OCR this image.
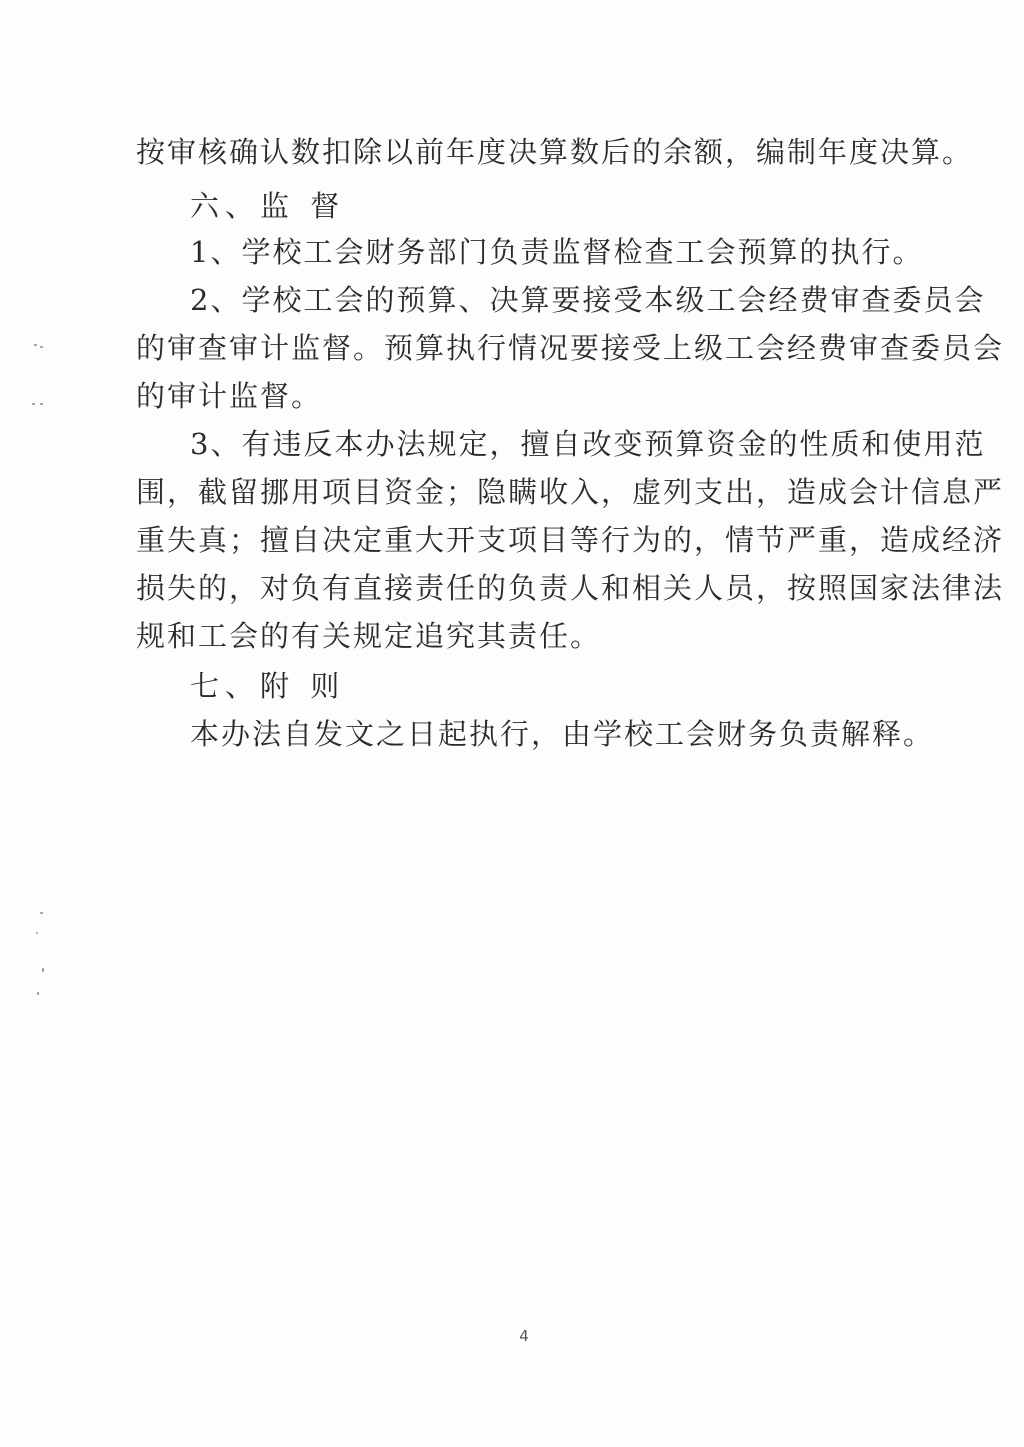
按审核确认数扣除以前年度决算数后的余额，编制年度决算。
六、监 督
1、学校工会财务部门负责监督检查工会预算的执行。
2、学校工会的预算、决算要接受本级工会经费审查委员会
的审查审计监督。预算执行情况要接受上级工会经费审查委员会
的审计监督。
3、有违反本办法规定，擅自改变预算资金的性质和使用范
围，截留挪用项目资金；隐瞒收入，虚列支出，造成会计信息严
重失真；擅自决定重大开支项目等行为的，情节严重，造成经济
损失的，对负有直接责任的负责人和相关人员，按照国家法律法
规和工会的有关规定追究其责任。
七、附 则
本办法自发文之日起执行，由学校工会财务负责解释。
4
